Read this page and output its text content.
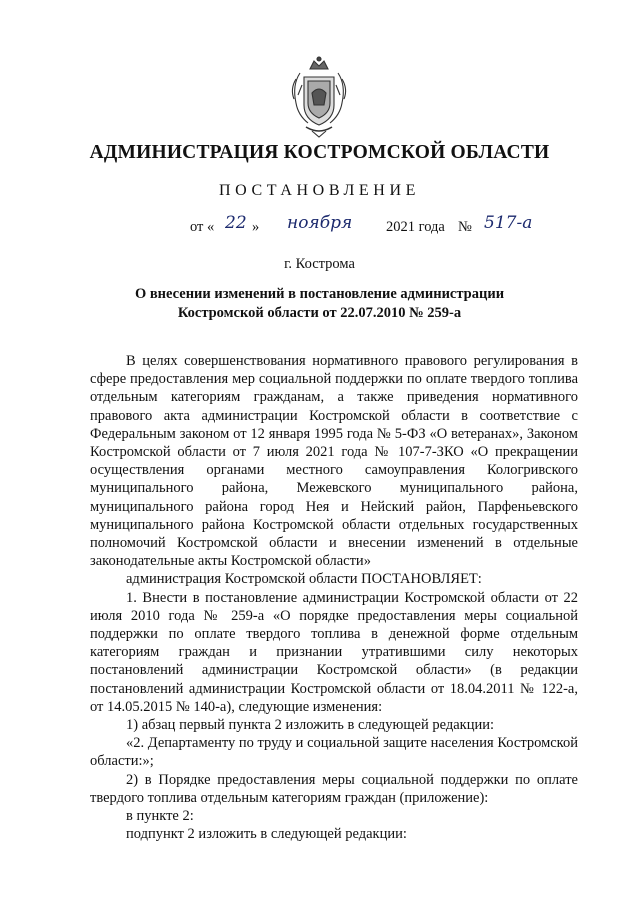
АДМИНИСТРАЦИЯ КОСТРОМСКОЙ ОБЛАСТИ
ПОСТАНОВЛЕНИЕ
от « 22 » ноября 2021 года № 517-а
г. Кострома
О внесении изменений в постановление администрации
Костромской области от 22.07.2010 № 259-а

В целях совершенствования нормативного правового регулирования в сфере предоставления мер социальной поддержки по оплате твердого топлива отдельным категориям гражданам, а также приведения нормативного правового акта администрации Костромской области в соответствие с Федеральным законом от 12 января 1995 года № 5-ФЗ «О ветеранах», Законом Костромской области от 7 июля 2021 года № 107-7-ЗКО «О прекращении осуществления органами местного самоуправления Кологривского муниципального района, Межевского муниципального района, муниципального района город Нея и Нейский район, Парфеньевского муниципального района Костромской области отдельных государственных полномочий Костромской области и внесении изменений в отдельные законодательные акты Костромской области»

администрация Костромской области ПОСТАНОВЛЯЕТ:

1. Внести в постановление администрации Костромской области от 22 июля 2010 года № 259-а «О порядке предоставления меры социальной поддержки по оплате твердого топлива в денежной форме отдельным категориям граждан и признании утратившими силу некоторых постановлений администрации Костромской области» (в редакции постановлений администрации Костромской области от 18.04.2011 № 122-а, от 14.05.2015 № 140-а), следующие изменения:

1) абзац первый пункта 2 изложить в следующей редакции:

«2. Департаменту по труду и социальной защите населения Костромской области:»;

2) в Порядке предоставления меры социальной поддержки по оплате твердого топлива отдельным категориям граждан (приложение):

в пункте 2:

подпункт 2 изложить в следующей редакции:
